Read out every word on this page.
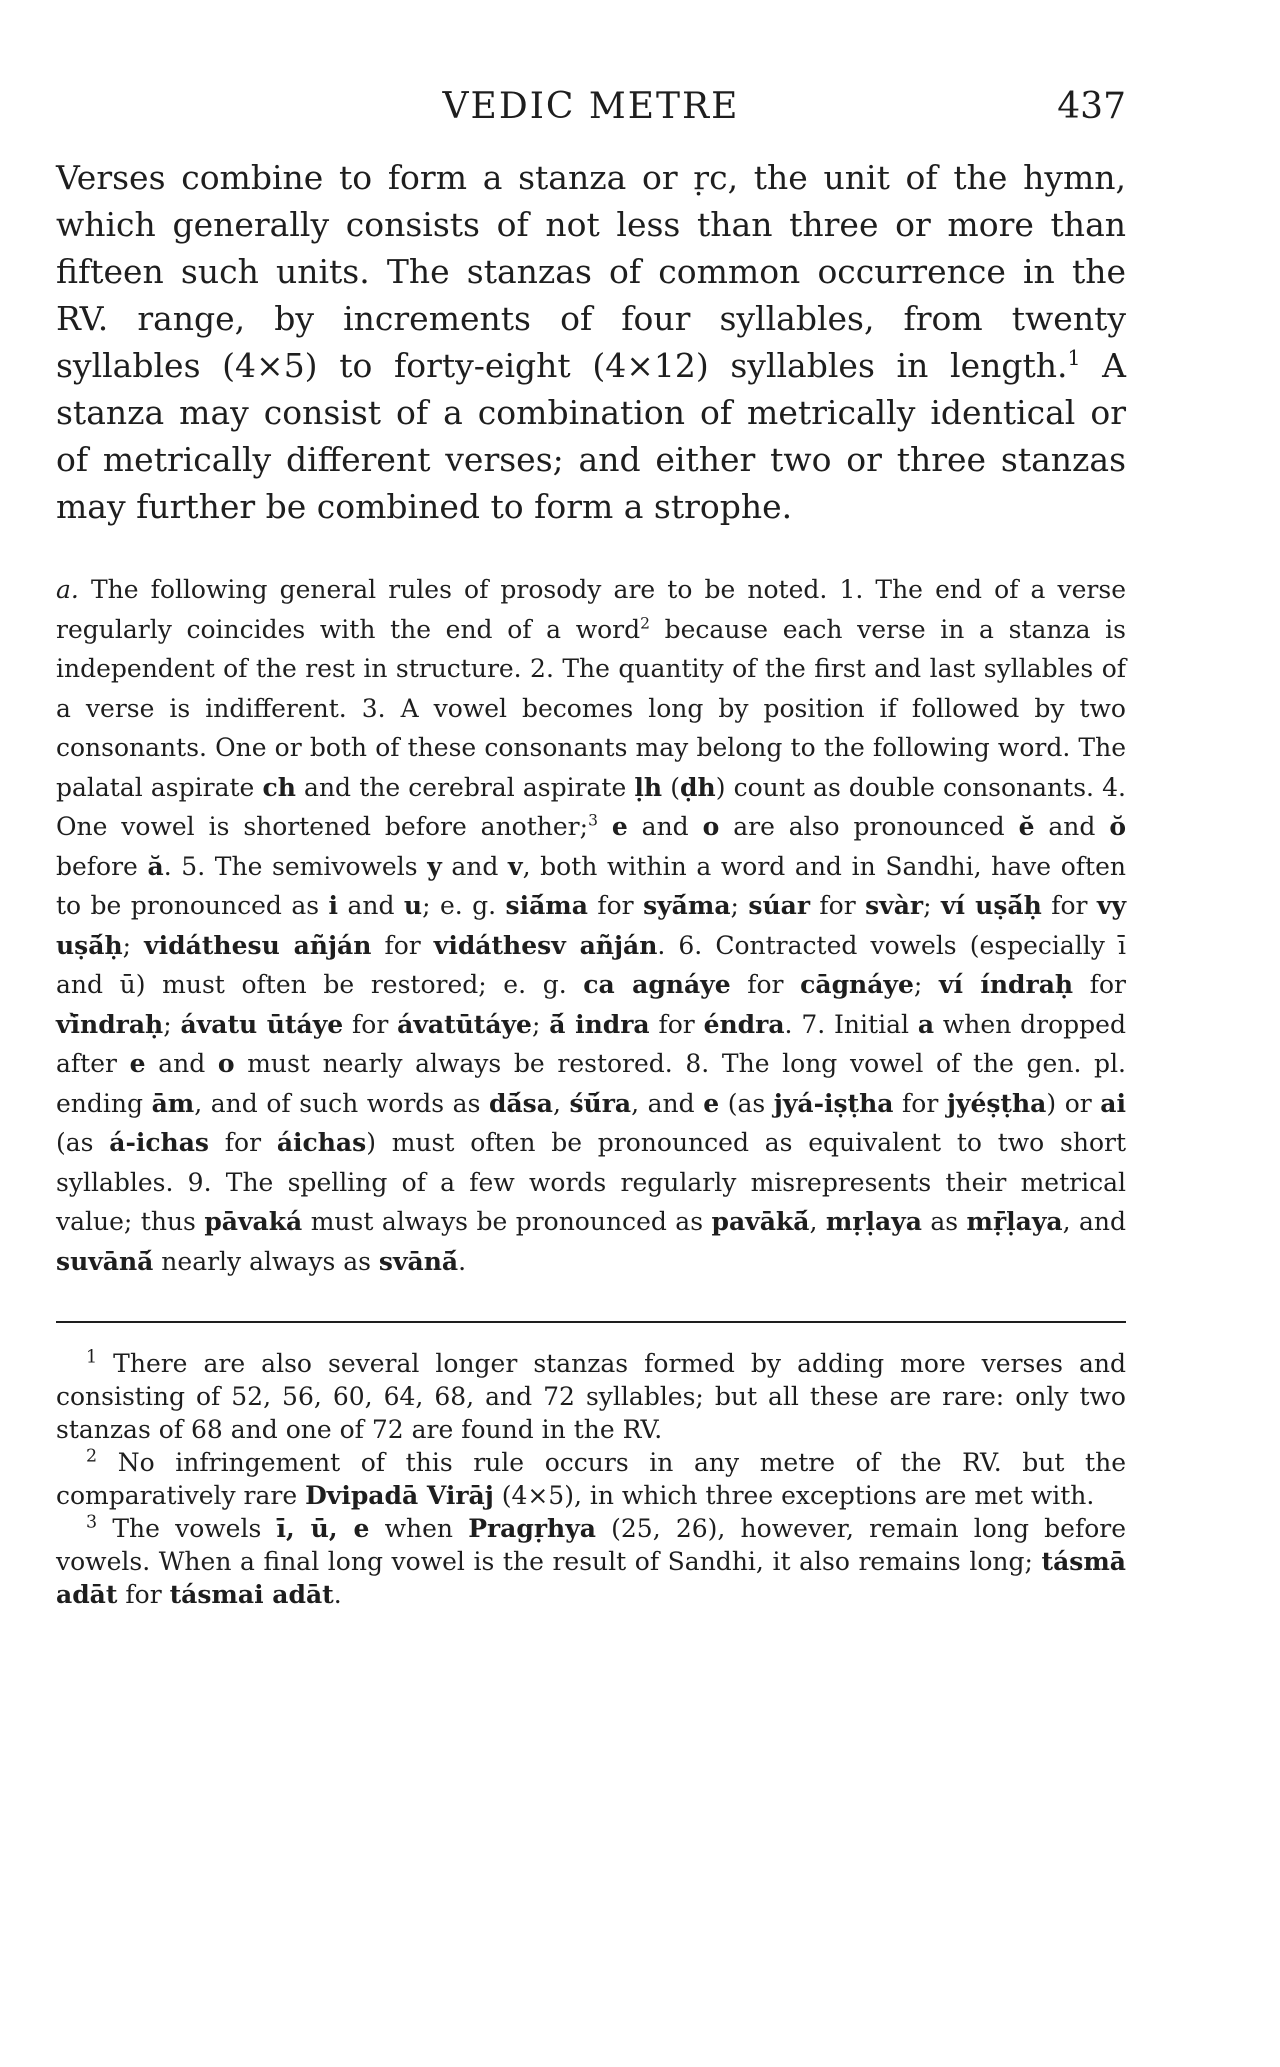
VEDIC METRE	437

Verses combine to form a stanza or ṛc, the unit of the hymn, which generally consists of not less than three or more than fifteen such units. The stanzas of common occurrence in the RV. range, by increments of four syllables, from twenty syllables (4×5) to forty-eight (4×12) syllables in length.$^1$ A stanza may consist of a combination of metrically identical or of metrically different verses; and either two or three stanzas may further be combined to form a strophe.

a. The following general rules of prosody are to be noted. 1. The end of a verse regularly coincides with the end of a word$^2$ because each verse in a stanza is independent of the rest in structure. 2. The quantity of the first and last syllables of a verse is indifferent. 3. A vowel becomes long by position if followed by two consonants. One or both of these consonants may belong to the following word. The palatal aspirate ch and the cerebral aspirate ḷh (ḍh) count as double consonants. 4. One vowel is shortened before another;$^3$ e and o are also pronounced ĕ and ŏ before ă. 5. The semivowels y and v, both within a word and in Sandhi, have often to be pronounced as i and u; e. g. siā́ma for syā́ma; súar for svàr; ví uṣā́ḥ for vy uṣā́ḥ; vidáthesu añján for vidáthesv añján. 6. Contracted vowels (especially ī and ū) must often be restored; e. g. ca agnáye for cāgnáye; ví índraḥ for vī̀ndraḥ; ávatu ūtáye for ávatūtáye; ā́ indra for éndra. 7. Initial a when dropped after e and o must nearly always be restored. 8. The long vowel of the gen. pl. ending ām, and of such words as dā́sa, śū́ra, and e (as jyá-iṣṭha for jyéṣṭha) or ai (as á-ichas for áichas) must often be pronounced as equivalent to two short syllables. 9. The spelling of a few words regularly misrepresents their metrical value; thus pāvaká must always be pronounced as pavākā́, mṛḷaya as mṝḷaya, and suvānā́ nearly always as svānā́.

$^1$ There are also several longer stanzas formed by adding more verses and consisting of 52, 56, 60, 64, 68, and 72 syllables; but all these are rare: only two stanzas of 68 and one of 72 are found in the RV.

$^2$ No infringement of this rule occurs in any metre of the RV. but the comparatively rare Dvipadā Virāj (4×5), in which three exceptions are met with.

$^3$ The vowels ī, ū, e when Pragṛhya (25, 26), however, remain long before vowels. When a final long vowel is the result of Sandhi, it also remains long; tásmā adāt for tásmai adāt.
